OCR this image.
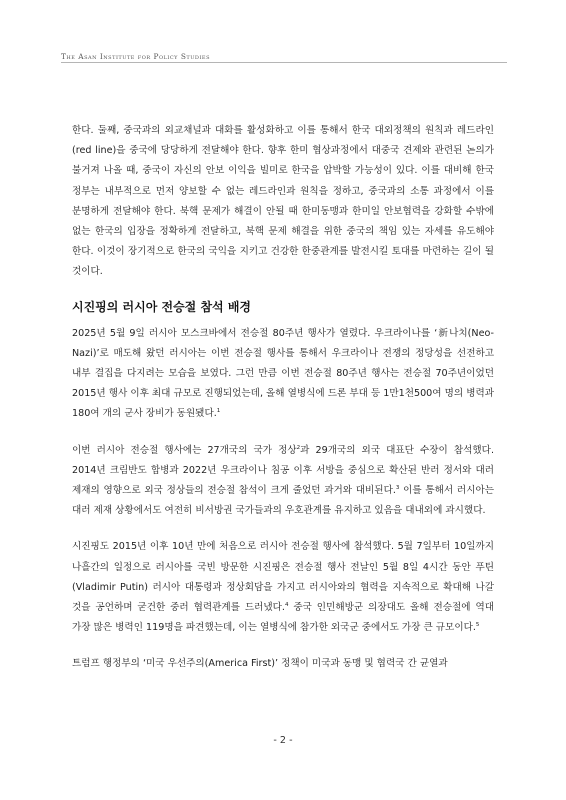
The Asan Institute for Policy Studies

한다. 둘째, 중국과의 외교채널과 대화를 활성화하고 이를 통해서 한국 대외정책의 원칙과 레드라인(red line)을 중국에 당당하게 전달해야 한다. 향후 한미 협상과정에서 대중국 견제와 관련된 논의가 불거져 나올 때, 중국이 자신의 안보 이익을 빌미로 한국을 압박할 가능성이 있다. 이를 대비해 한국 정부는 내부적으로 먼저 양보할 수 없는 레드라인과 원칙을 정하고, 중국과의 소통 과정에서 이를 분명하게 전달해야 한다. 북핵 문제가 해결이 안될 때 한미동맹과 한미일 안보협력을 강화할 수밖에 없는 한국의 입장을 정확하게 전달하고, 북핵 문제 해결을 위한 중국의 책임 있는 자세를 유도해야 한다. 이것이 장기적으로 한국의 국익을 지키고 건강한 한중관계를 발전시킬 토대를 마련하는 길이 될 것이다.

시진핑의 러시아 전승절 참석 배경

2025년 5월 9일 러시아 모스크바에서 전승절 80주년 행사가 열렸다. 우크라이나를 ‘新나치(Neo-Nazi)’로 매도해 왔던 러시아는 이번 전승절 행사를 통해서 우크라이나 전쟁의 정당성을 선전하고 내부 결집을 다지려는 모습을 보였다. 그런 만큼 이번 전승절 80주년 행사는 전승절 70주년이었던 2015년 행사 이후 최대 규모로 진행되었는데, 올해 열병식에 드론 부대 등 1만1천500여 명의 병력과 180여 개의 군사 장비가 동원됐다.$^1$

이번 러시아 전승절 행사에는 27개국의 국가 정상$^2$과 29개국의 외국 대표단 수장이 참석했다. 2014년 크림반도 합병과 2022년 우크라이나 침공 이후 서방을 중심으로 확산된 반러 정서와 대러 제재의 영향으로 외국 정상들의 전승절 참석이 크게 줄었던 과거와 대비된다.$^3$ 이를 통해서 러시아는 대러 제재 상황에서도 여전히 비서방권 국가들과의 우호관계를 유지하고 있음을 대내외에 과시했다.

시진핑도 2015년 이후 10년 만에 처음으로 러시아 전승절 행사에 참석했다. 5월 7일부터 10일까지 나흘간의 일정으로 러시아를 국빈 방문한 시진핑은 전승절 행사 전날인 5월 8일 4시간 동안 푸틴(Vladimir Putin) 러시아 대통령과 정상회담을 가지고 러시아와의 협력을 지속적으로 확대해 나갈 것을 공언하며 굳건한 중러 협력관계를 드러냈다.$^4$ 중국 인민해방군 의장대도 올해 전승절에 역대 가장 많은 병력인 119명을 파견했는데, 이는 열병식에 참가한 외국군 중에서도 가장 큰 규모이다.$^5$

트럼프 행정부의 ‘미국 우선주의(America First)’ 정책이 미국과 동맹 및 협력국 간 균열과

- 2 -
